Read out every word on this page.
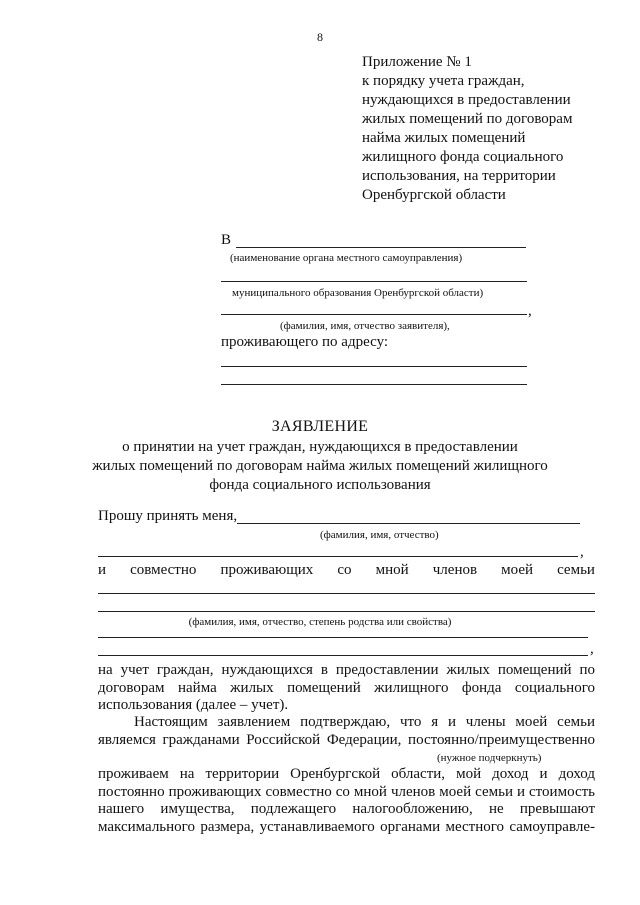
8
Приложение № 1
к порядку учета граждан,
нуждающихся в предоставлении
жилых помещений по договорам
найма жилых помещений
жилищного фонда социального
использования, на территории
Оренбургской области
В
(наименование органа местного самоуправления)
муниципального образования Оренбургской области)
,
(фамилия, имя, отчество заявителя),
проживающего по адресу:
ЗАЯВЛЕНИЕ
о принятии на учет граждан, нуждающихся в предоставлении
жилых помещений по договорам найма жилых помещений жилищного
фонда социального использования
Прошу принять меня,
(фамилия, имя, отчество)
,
и совместно проживающих со мной членов моей семьи
(фамилия, имя, отчество, степень родства или свойства)
,
на учет граждан, нуждающихся в предоставлении жилых помещений по
договорам найма жилых помещений жилищного фонда социального
использования (далее – учет).
Настоящим заявлением подтверждаю, что я и члены моей семьи
являемся гражданами Российской Федерации, постоянно/преимущественно
(нужное подчеркнуть)
проживаем на территории Оренбургской области, мой доход и доход
постоянно проживающих совместно со мной членов моей семьи и стоимость
нашего имущества, подлежащего налогообложению, не превышают
максимального размера, устанавливаемого органами местного самоуправле-
